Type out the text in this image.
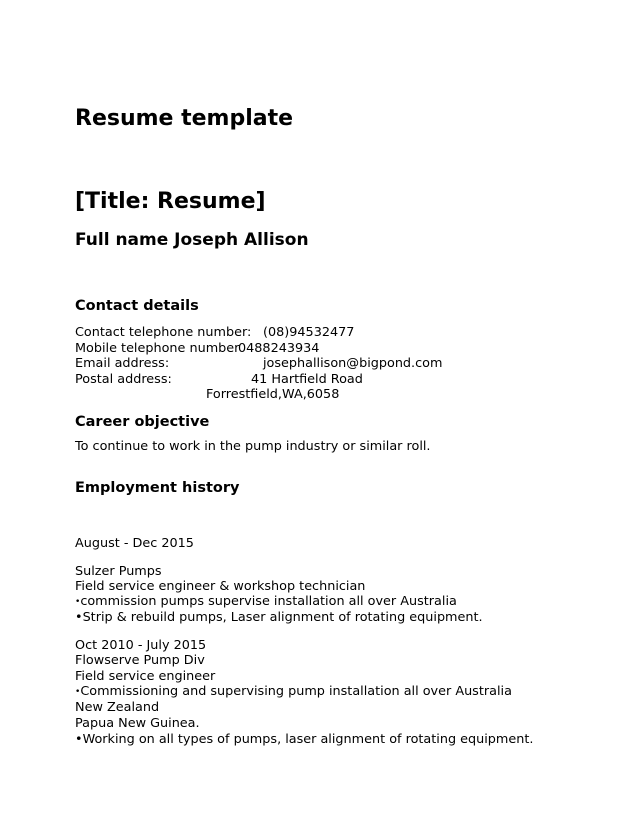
Resume template
[Title: Resume]
Full name Joseph Allison
Contact details
Contact telephone number: (08)94532477
Mobile telephone number
0488243934
Email address:	josephallison@bigpond.com
Postal address:	41 Hartfield Road
Forrestfield,WA,6058
Career objective
To continue to work in the pump industry or similar roll.
Employment history
August - Dec 2015
Sulzer Pumps
Field service engineer & workshop technician
•commission pumps supervise installation all over Australia
•Strip & rebuild pumps, Laser alignment of rotating equipment.
Oct 2010 - July 2015
Flowserve Pump Div
Field service engineer
•Commissioning and supervising pump installation all over Australia
New Zealand
Papua New Guinea.
•Working on all types of pumps, laser alignment of rotating equipment.
